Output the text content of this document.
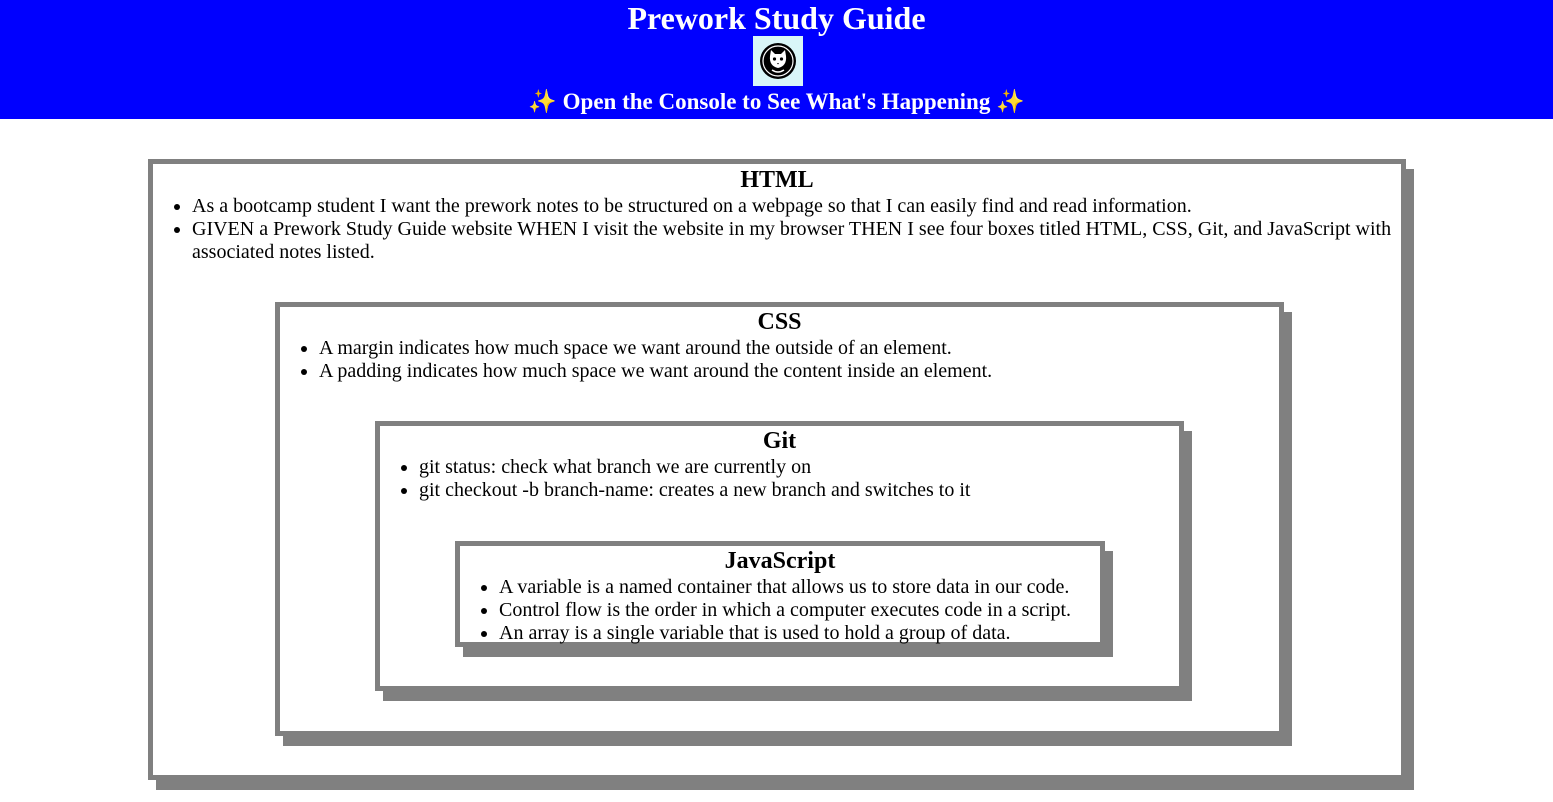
Prework Study Guide
✨ Open the Console to See What's Happening ✨
HTML
• As a bootcamp student I want the prework notes to be structured on a webpage so that I can easily find and read information.
• GIVEN a Prework Study Guide website WHEN I visit the website in my browser THEN I see four boxes titled HTML, CSS, Git, and JavaScript with associated notes listed.
CSS
• A margin indicates how much space we want around the outside of an element.
• A padding indicates how much space we want around the content inside an element.
Git
• git status: check what branch we are currently on
• git checkout -b branch-name: creates a new branch and switches to it
JavaScript
• A variable is a named container that allows us to store data in our code.
• Control flow is the order in which a computer executes code in a script.
• An array is a single variable that is used to hold a group of data.
